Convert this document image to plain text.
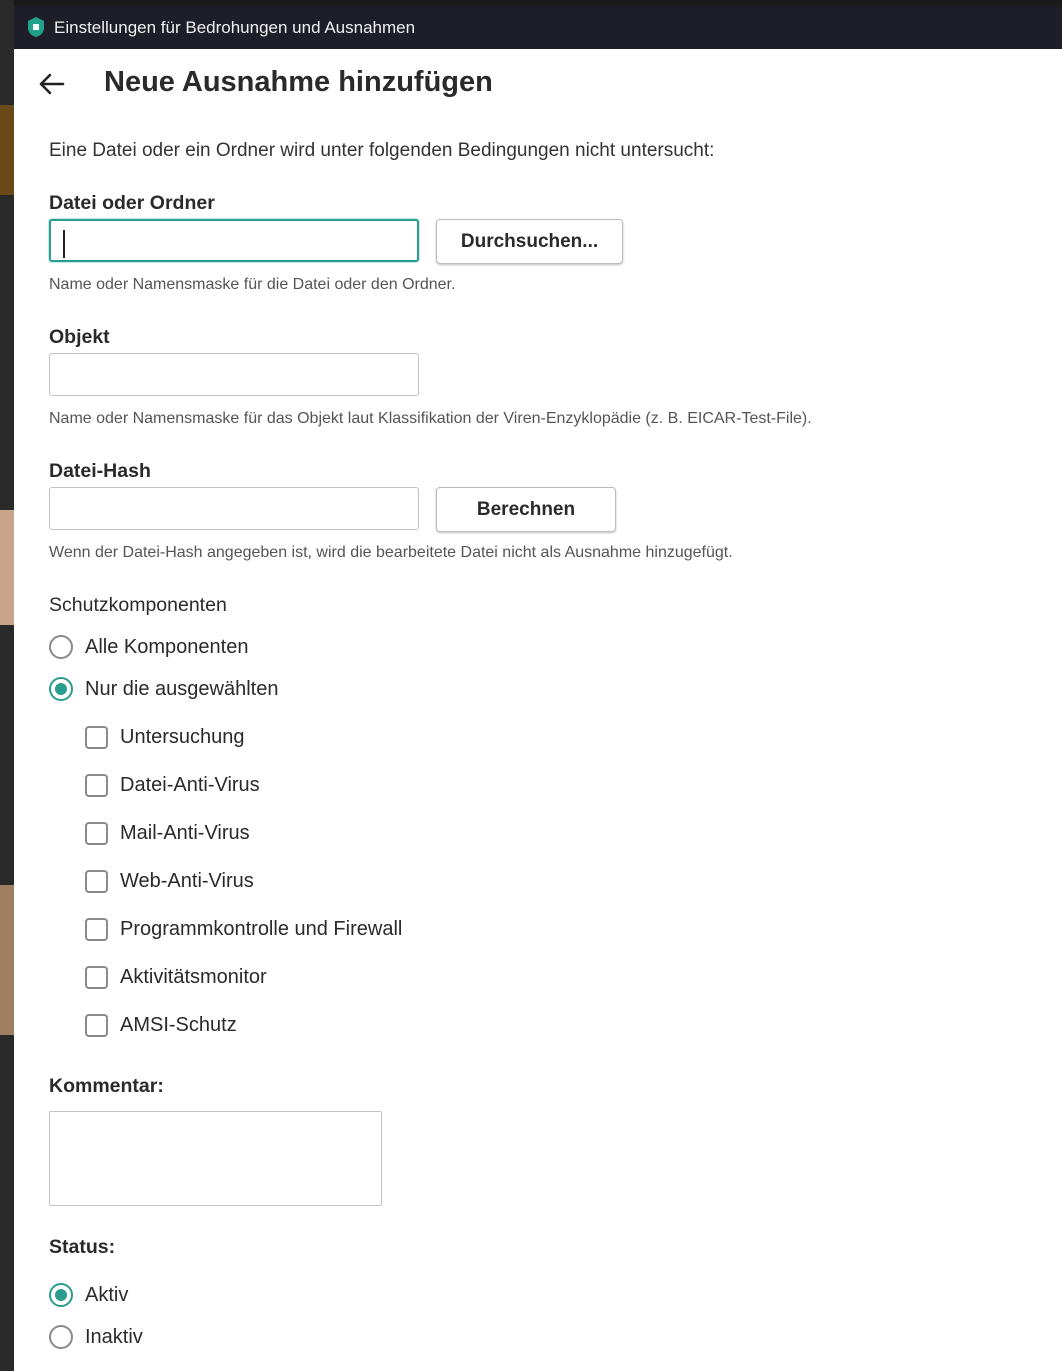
Einstellungen für Bedrohungen und Ausnahmen
Neue Ausnahme hinzufügen
Eine Datei oder ein Ordner wird unter folgenden Bedingungen nicht untersucht:
Datei oder Ordner
Durchsuchen...
Name oder Namensmaske für die Datei oder den Ordner.
Objekt
Name oder Namensmaske für das Objekt laut Klassifikation der Viren-Enzyklopädie (z. B. EICAR-Test-File).
Datei-Hash
Berechnen
Wenn der Datei-Hash angegeben ist, wird die bearbeitete Datei nicht als Ausnahme hinzugefügt.
Schutzkomponenten
Alle Komponenten
Nur die ausgewählten
Untersuchung
Datei-Anti-Virus
Mail-Anti-Virus
Web-Anti-Virus
Programmkontrolle und Firewall
Aktivitätsmonitor
AMSI-Schutz
Kommentar:
Status:
Aktiv
Inaktiv
